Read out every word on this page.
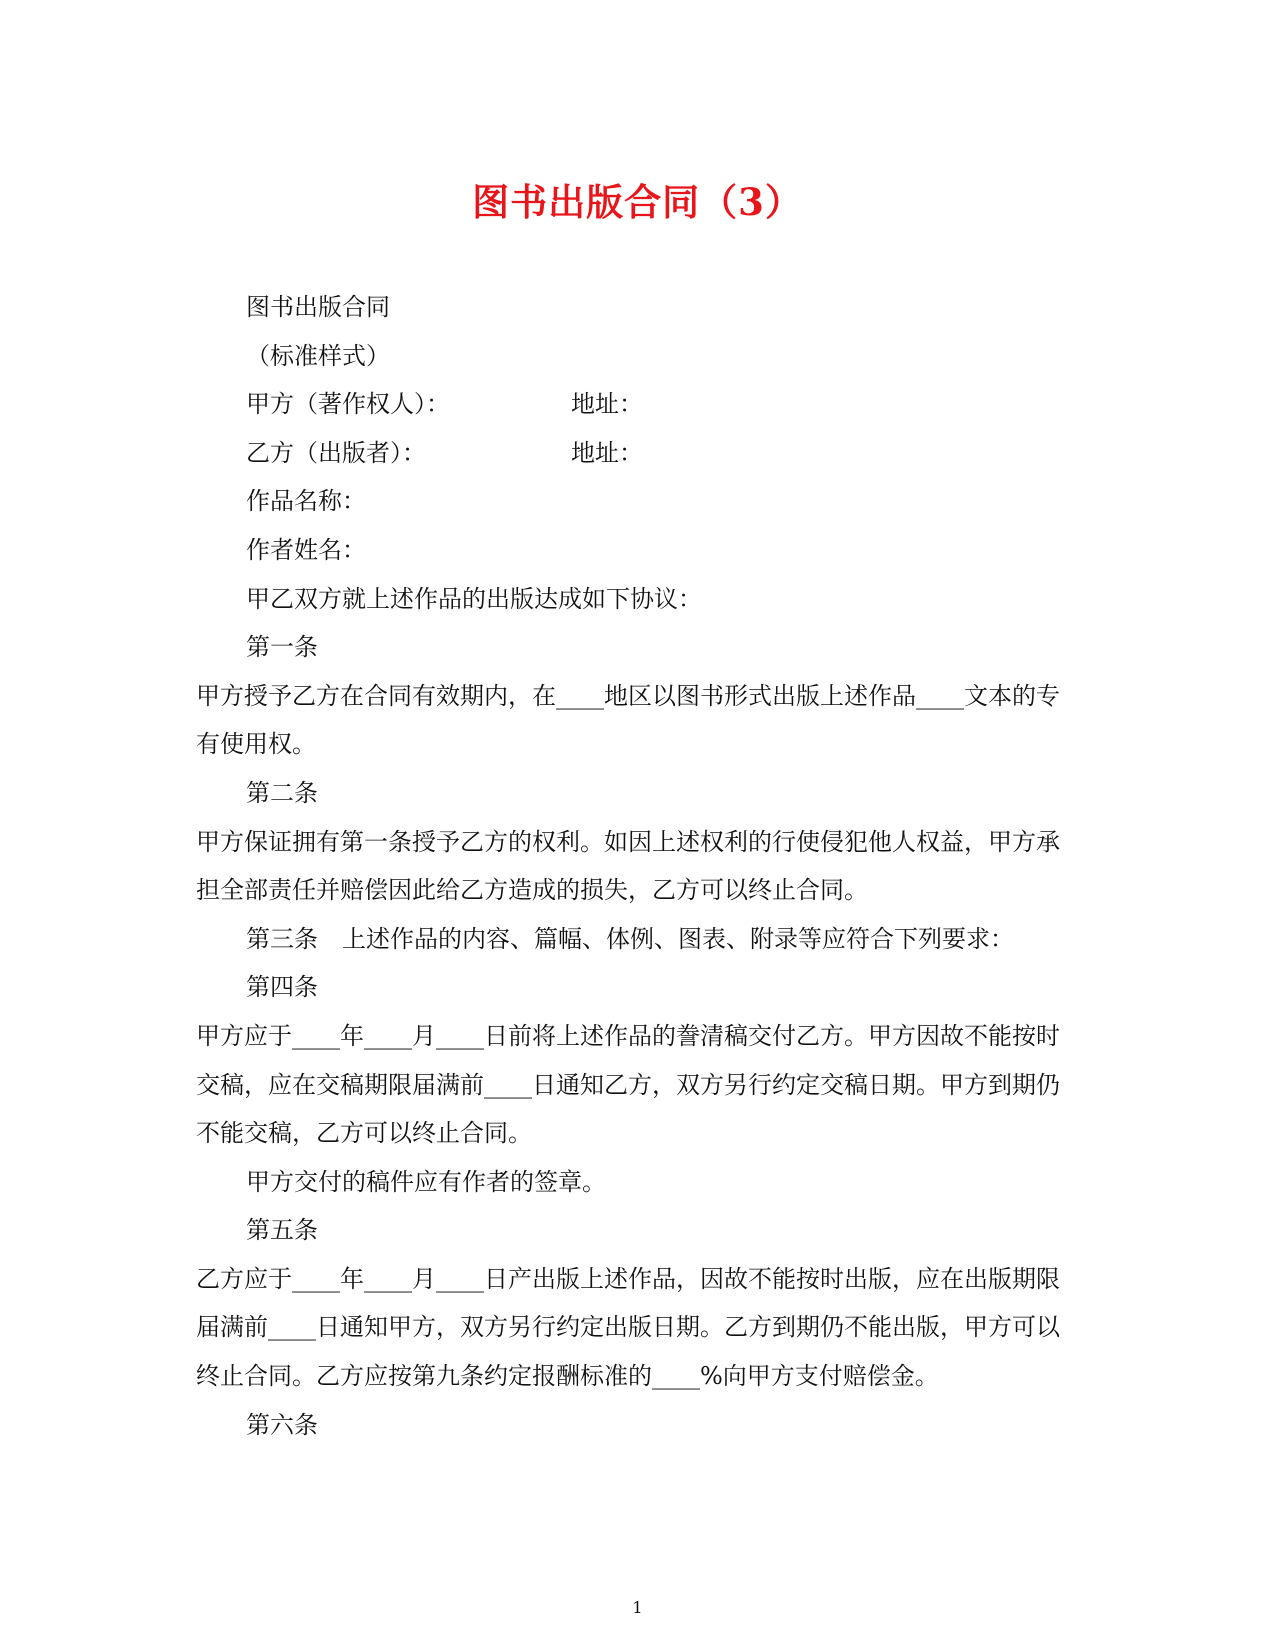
图书出版合同（3）

图书出版合同

（标准样式）

甲方（著作权人）：	地址：

乙方（出版者）：	地址：

作品名称：

作者姓名：

甲乙双方就上述作品的出版达成如下协议：

第一条

甲方授予乙方在合同有效期内，在____地区以图书形式出版上述作品____文本的专有使用权。

第二条

甲方保证拥有第一条授予乙方的权利。如因上述权利的行使侵犯他人权益，甲方承担全部责任并赔偿因此给乙方造成的损失，乙方可以终止合同。

第三条　上述作品的内容、篇幅、体例、图表、附录等应符合下列要求：

第四条

甲方应于____年____月____日前将上述作品的誊清稿交付乙方。甲方因故不能按时交稿，应在交稿期限届满前____日通知乙方，双方另行约定交稿日期。甲方到期仍不能交稿，乙方可以终止合同。

甲方交付的稿件应有作者的签章。

第五条

乙方应于____年____月____日产出版上述作品，因故不能按时出版，应在出版期限届满前____日通知甲方，双方另行约定出版日期。乙方到期仍不能出版，甲方可以终止合同。乙方应按第九条约定报酬标准的____%向甲方支付赔偿金。

第六条

1
